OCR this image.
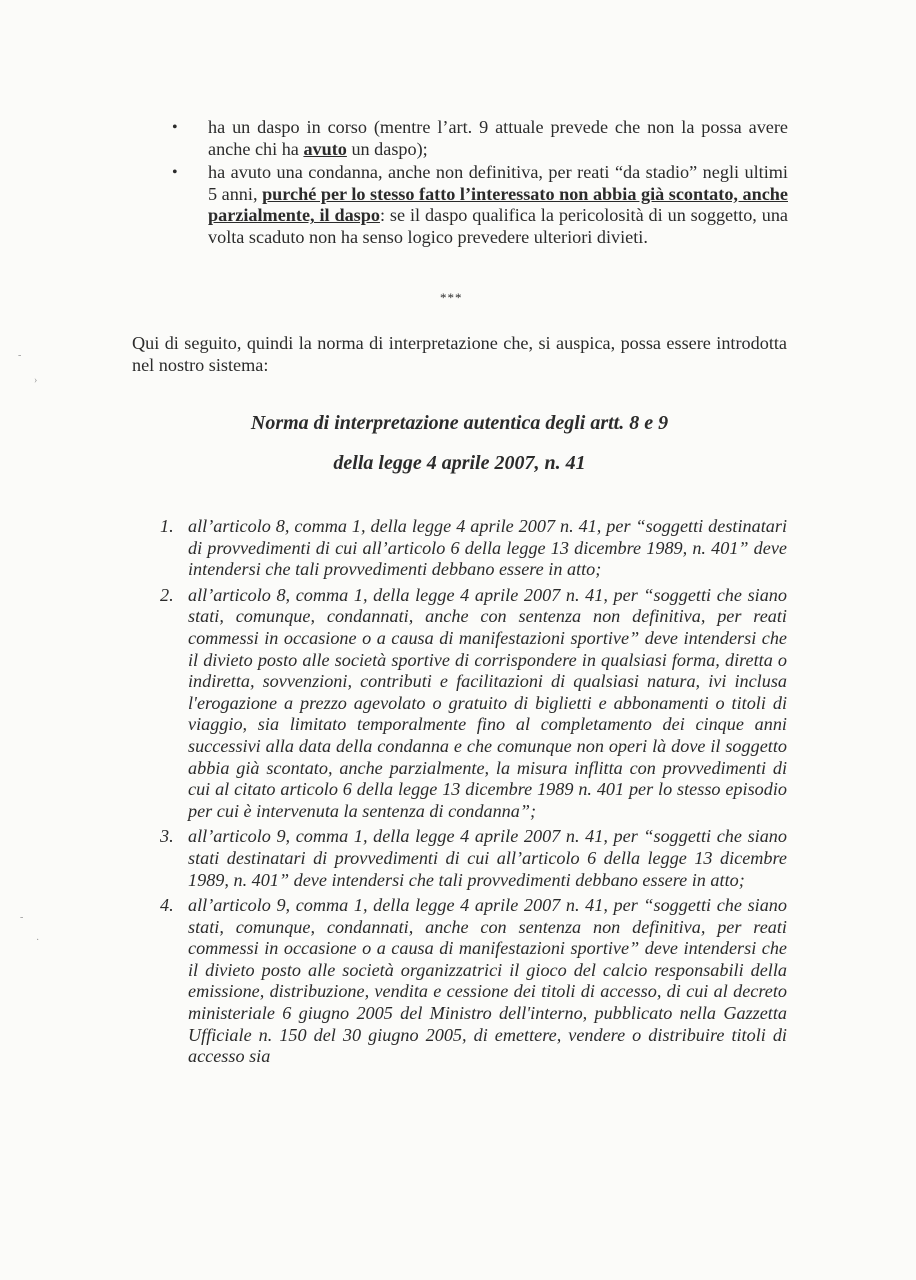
• ha un daspo in corso (mentre l’art. 9 attuale prevede che non la possa avere anche chi ha avuto un daspo);
• ha avuto una condanna, anche non definitiva, per reati “da stadio” negli ultimi 5 anni, purché per lo stesso fatto l’interessato non abbia già scontato, anche parzialmente, il daspo: se il daspo qualifica la pericolosità di un soggetto, una volta scaduto non ha senso logico prevedere ulteriori divieti.
***

Qui di seguito, quindi la norma di interpretazione che, si auspica, possa essere introdotta nel nostro sistema:

Norma di interpretazione autentica degli artt. 8 e 9

della legge 4 aprile 2007, n. 41

1. all’articolo 8, comma 1, della legge 4 aprile 2007 n. 41, per “soggetti destinatari di provvedimenti di cui all’articolo 6 della legge 13 dicembre 1989, n. 401” deve intendersi che tali provvedimenti debbano essere in atto;
2. all’articolo 8, comma 1, della legge 4 aprile 2007 n. 41, per “soggetti che siano stati, comunque, condannati, anche con sentenza non definitiva, per reati commessi in occasione o a causa di manifestazioni sportive” deve intendersi che il divieto posto alle società sportive di corrispondere in qualsiasi forma, diretta o indiretta, sovvenzioni, contributi e facilitazioni di qualsiasi natura, ivi inclusa l'erogazione a prezzo agevolato o gratuito di biglietti e abbonamenti o titoli di viaggio, sia limitato temporalmente fino al completamento dei cinque anni successivi alla data della condanna e che comunque non operi là dove il soggetto abbia già scontato, anche parzialmente, la misura inflitta con provvedimenti di cui al citato articolo 6 della legge 13 dicembre 1989 n. 401 per lo stesso episodio per cui è intervenuta la sentenza di condanna”;
3. all’articolo 9, comma 1, della legge 4 aprile 2007 n. 41, per “soggetti che siano stati destinatari di provvedimenti di cui all’articolo 6 della legge 13 dicembre 1989, n. 401” deve intendersi che tali provvedimenti debbano essere in atto;
4. all’articolo 9, comma 1, della legge 4 aprile 2007 n. 41, per “soggetti che siano stati, comunque, condannati, anche con sentenza non definitiva, per reati commessi in occasione o a causa di manifestazioni sportive” deve intendersi che il divieto posto alle società organizzatrici il gioco del calcio responsabili della emissione, distribuzione, vendita e cessione dei titoli di accesso, di cui al decreto ministeriale 6 giugno 2005 del Ministro dell'interno, pubblicato nella Gazzetta Ufficiale n. 150 del 30 giugno 2005, di emettere, vendere o distribuire titoli di accesso sia
-
›
-
·
